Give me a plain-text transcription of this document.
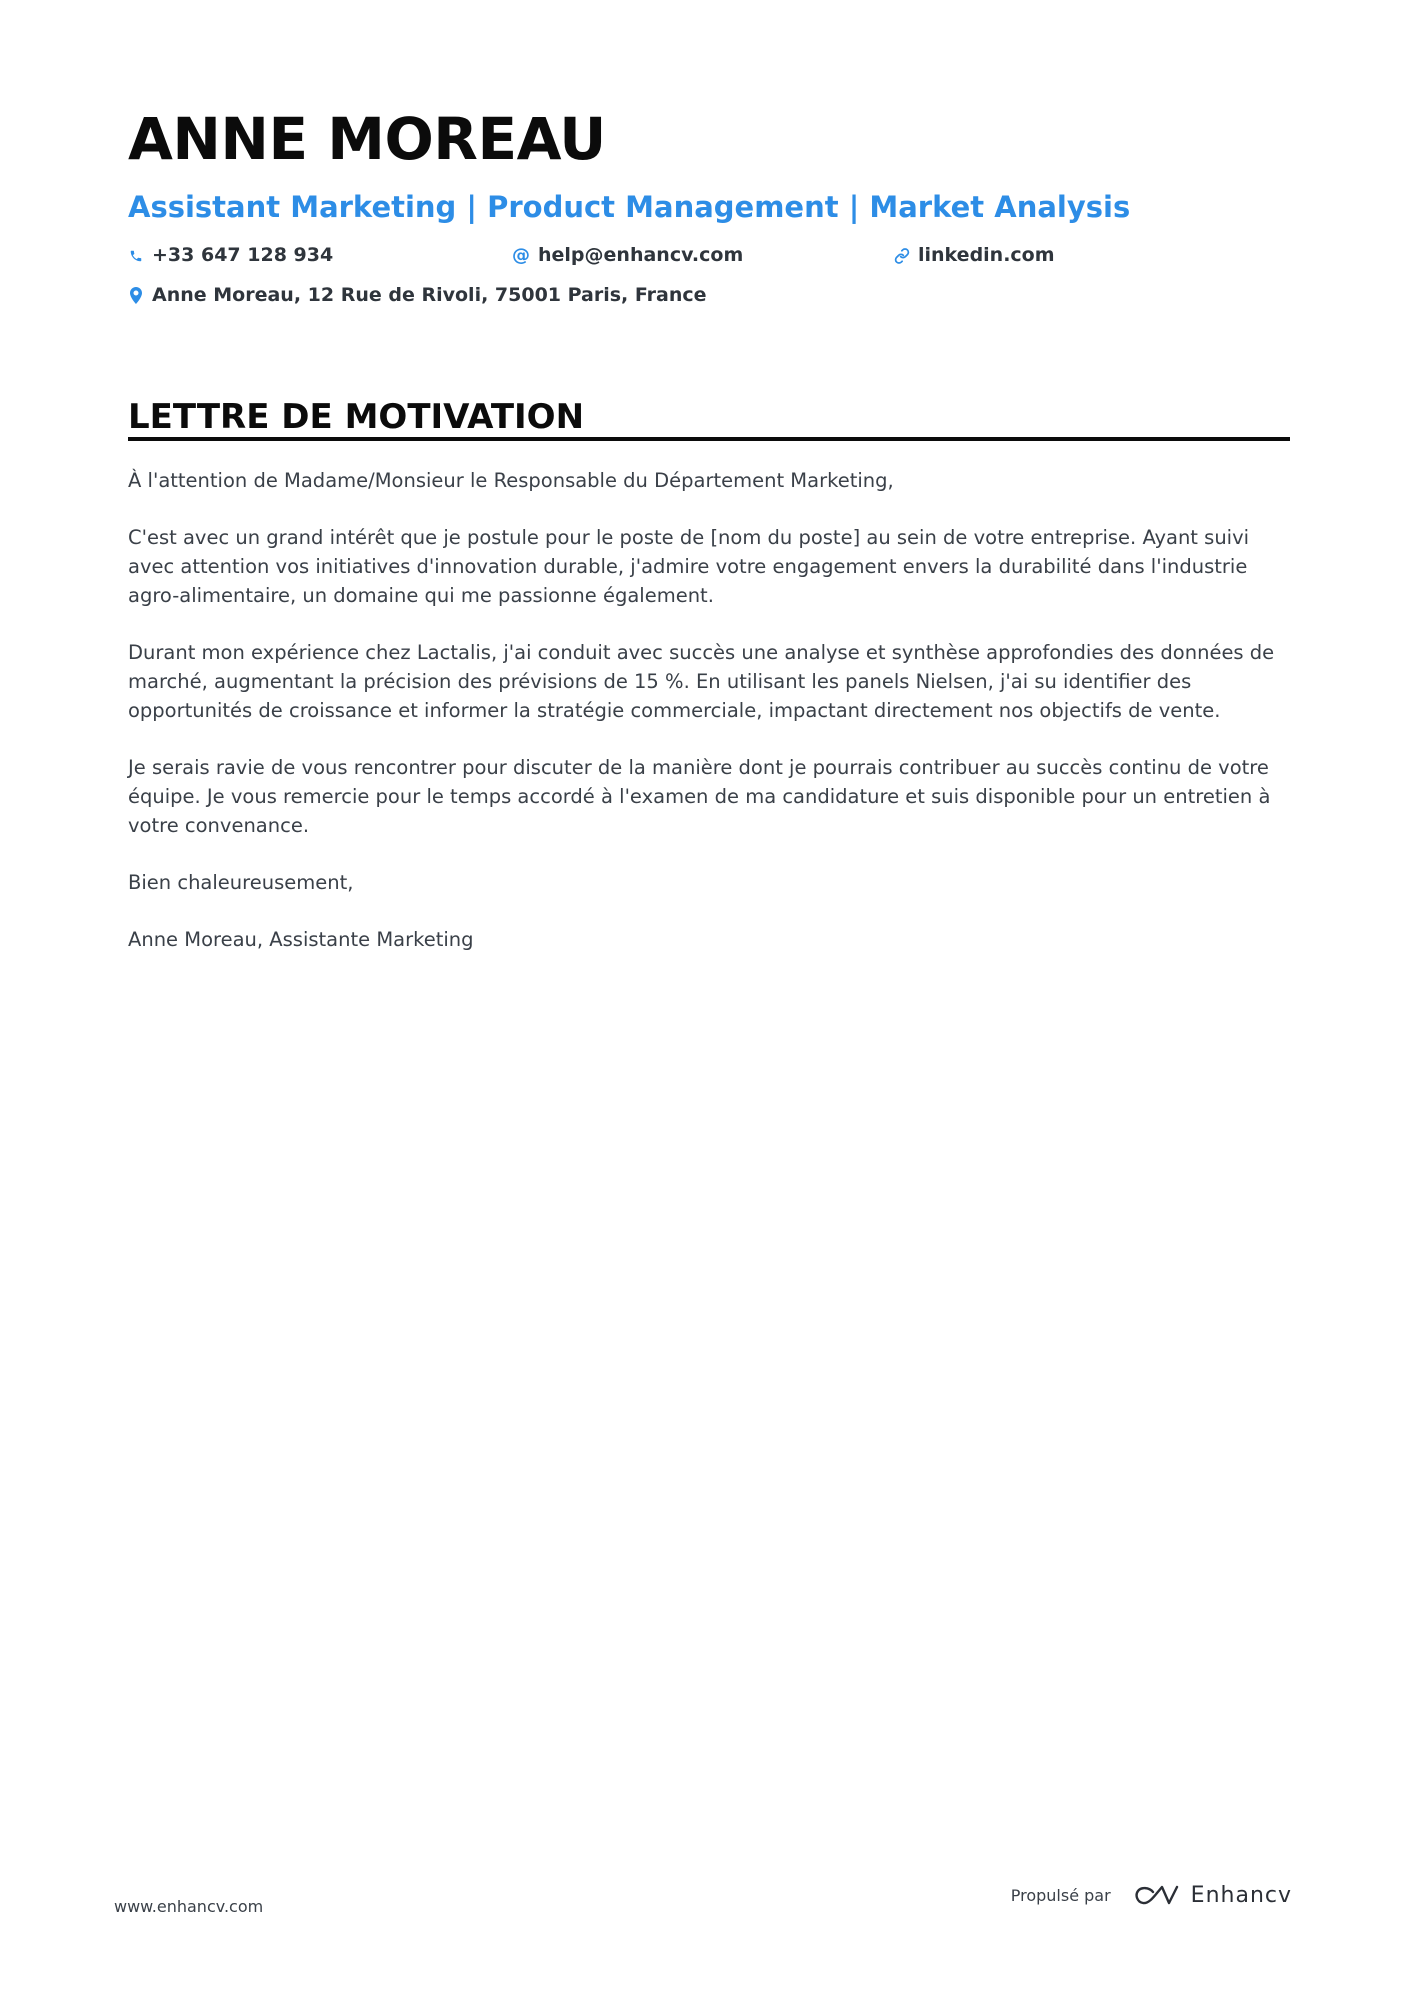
ANNE MOREAU
Assistant Marketing | Product Management | Market Analysis
+33 647 128 934	@ help@enhancv.com	linkedin.com
Anne Moreau, 12 Rue de Rivoli, 75001 Paris, France
LETTRE DE MOTIVATION

À l'attention de Madame/Monsieur le Responsable du Département Marketing,

C'est avec un grand intérêt que je postule pour le poste de [nom du poste] au sein de votre entreprise. Ayant suivi avec attention vos initiatives d'innovation durable, j'admire votre engagement envers la durabilité dans l'industrie agro-alimentaire, un domaine qui me passionne également.

Durant mon expérience chez Lactalis, j'ai conduit avec succès une analyse et synthèse approfondies des données de marché, augmentant la précision des prévisions de 15 %. En utilisant les panels Nielsen, j'ai su identifier des opportunités de croissance et informer la stratégie commerciale, impactant directement nos objectifs de vente.

Je serais ravie de vous rencontrer pour discuter de la manière dont je pourrais contribuer au succès continu de votre équipe. Je vous remercie pour le temps accordé à l'examen de ma candidature et suis disponible pour un entretien à votre convenance.

Bien chaleureusement,

Anne Moreau, Assistante Marketing

www.enhancv.com
Propulsé par	Enhancv
